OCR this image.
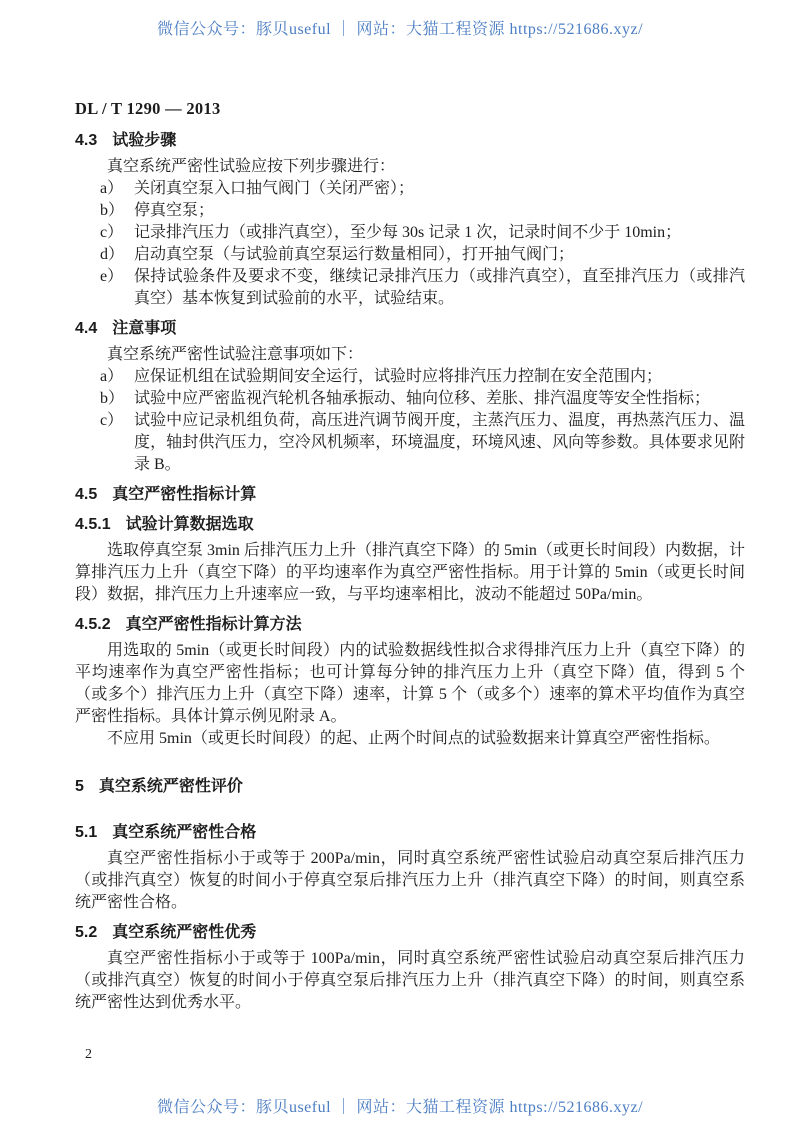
微信公众号：豚贝useful ｜ 网站：大猫工程资源 https://521686.xyz/
DL / T 1290 — 2013
4.3 试验步骤
真空系统严密性试验应按下列步骤进行：
a） 关闭真空泵入口抽气阀门（关闭严密）；
b） 停真空泵；
c） 记录排汽压力（或排汽真空），至少每 30s 记录 1 次，记录时间不少于 10min；
d） 启动真空泵（与试验前真空泵运行数量相同），打开抽气阀门；
e） 保持试验条件及要求不变，继续记录排汽压力（或排汽真空），直至排汽压力（或排汽真空）基本恢复到试验前的水平，试验结束。
4.4 注意事项
真空系统严密性试验注意事项如下：
a） 应保证机组在试验期间安全运行，试验时应将排汽压力控制在安全范围内；
b） 试验中应严密监视汽轮机各轴承振动、轴向位移、差胀、排汽温度等安全性指标；
c） 试验中应记录机组负荷，高压进汽调节阀开度，主蒸汽压力、温度，再热蒸汽压力、温度，轴封供汽压力，空冷风机频率，环境温度，环境风速、风向等参数。具体要求见附录 B。
4.5 真空严密性指标计算
4.5.1 试验计算数据选取
选取停真空泵 3min 后排汽压力上升（排汽真空下降）的 5min（或更长时间段）内数据，计算排汽压力上升（真空下降）的平均速率作为真空严密性指标。用于计算的 5min（或更长时间段）数据，排汽压力上升速率应一致，与平均速率相比，波动不能超过 50Pa/min。
4.5.2 真空严密性指标计算方法
用选取的 5min（或更长时间段）内的试验数据线性拟合求得排汽压力上升（真空下降）的平均速率作为真空严密性指标；也可计算每分钟的排汽压力上升（真空下降）值，得到 5 个（或多个）排汽压力上升（真空下降）速率，计算 5 个（或多个）速率的算术平均值作为真空严密性指标。具体计算示例见附录 A。
不应用 5min（或更长时间段）的起、止两个时间点的试验数据来计算真空严密性指标。
5 真空系统严密性评价
5.1 真空系统严密性合格
真空严密性指标小于或等于 200Pa/min，同时真空系统严密性试验启动真空泵后排汽压力（或排汽真空）恢复的时间小于停真空泵后排汽压力上升（排汽真空下降）的时间，则真空系统严密性合格。
5.2 真空系统严密性优秀
真空严密性指标小于或等于 100Pa/min，同时真空系统严密性试验启动真空泵后排汽压力（或排汽真空）恢复的时间小于停真空泵后排汽压力上升（排汽真空下降）的时间，则真空系统严密性达到优秀水平。
2
微信公众号：豚贝useful ｜ 网站：大猫工程资源 https://521686.xyz/
